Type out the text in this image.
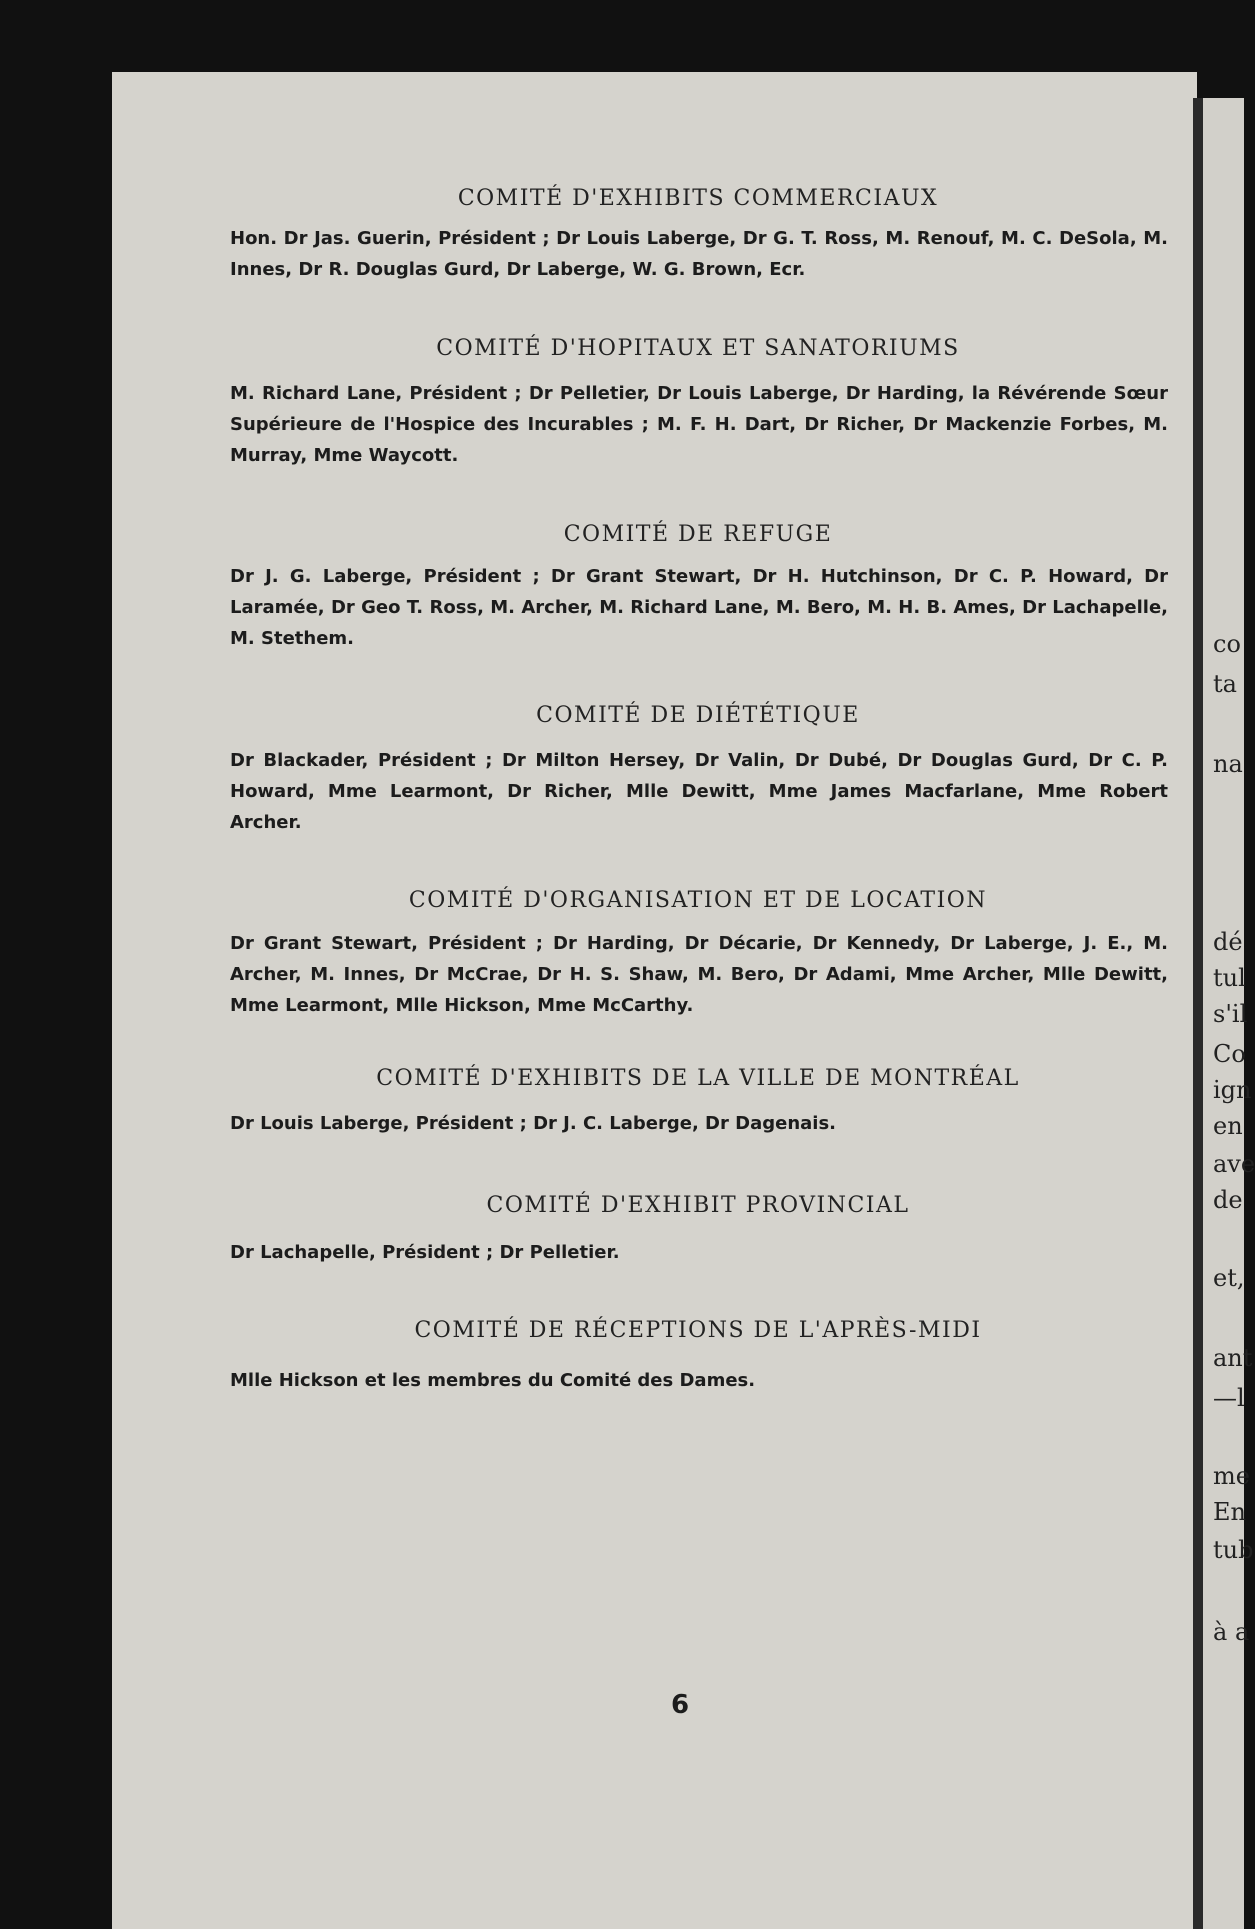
COMITÉ D'EXHIBITS COMMERCIAUX
Hon. Dr Jas. Guerin, Président ; Dr Louis Laberge, Dr G. T. Ross, M. Renouf, M. C. DeSola, M. Innes, Dr R. Douglas Gurd, Dr Laberge, W. G. Brown, Ecr.
COMITÉ D'HOPITAUX ET SANATORIUMS
M. Richard Lane, Président ; Dr Pelletier, Dr Louis Laberge, Dr Harding, la Révérende Sœur Supérieure de l'Hospice des Incurables ; M. F. H. Dart, Dr Richer, Dr Mackenzie Forbes, M. Murray, Mme Waycott.
COMITÉ DE REFUGE
Dr J. G. Laberge, Président ; Dr Grant Stewart, Dr H. Hutchinson, Dr C. P. Howard, Dr Laramée, Dr Geo T. Ross, M. Archer, M. Richard Lane, M. Bero, M. H. B. Ames, Dr Lachapelle, M. Stethem.
COMITÉ DE DIÉTÉTIQUE
Dr Blackader, Président ; Dr Milton Hersey, Dr Valin, Dr Dubé, Dr Douglas Gurd, Dr C. P. Howard, Mme Learmont, Dr Richer, Mlle Dewitt, Mme James Macfarlane, Mme Robert Archer.
COMITÉ D'ORGANISATION ET DE LOCATION
Dr Grant Stewart, Président ; Dr Harding, Dr Décarie, Dr Kennedy, Dr Laberge, J. E., M. Archer, M. Innes, Dr McCrae, Dr H. S. Shaw, M. Bero, Dr Adami, Mme Archer, Mlle Dewitt, Mme Learmont, Mlle Hickson, Mme McCarthy.
COMITÉ D'EXHIBITS DE LA VILLE DE MONTRÉAL
Dr Louis Laberge, Président ; Dr J. C. Laberge, Dr Dagenais.
COMITÉ D'EXHIBIT PROVINCIAL
Dr Lachapelle, Président ; Dr Pelletier.
COMITÉ DE RÉCEPTIONS DE L'APRÈS-MIDI
Mlle Hickson et les membres du Comité des Dames.
6
co
ta
na
dé
tul
s'il
Co
ign
en
ave
de
et,
ant
—l
me
En
tub
à a
